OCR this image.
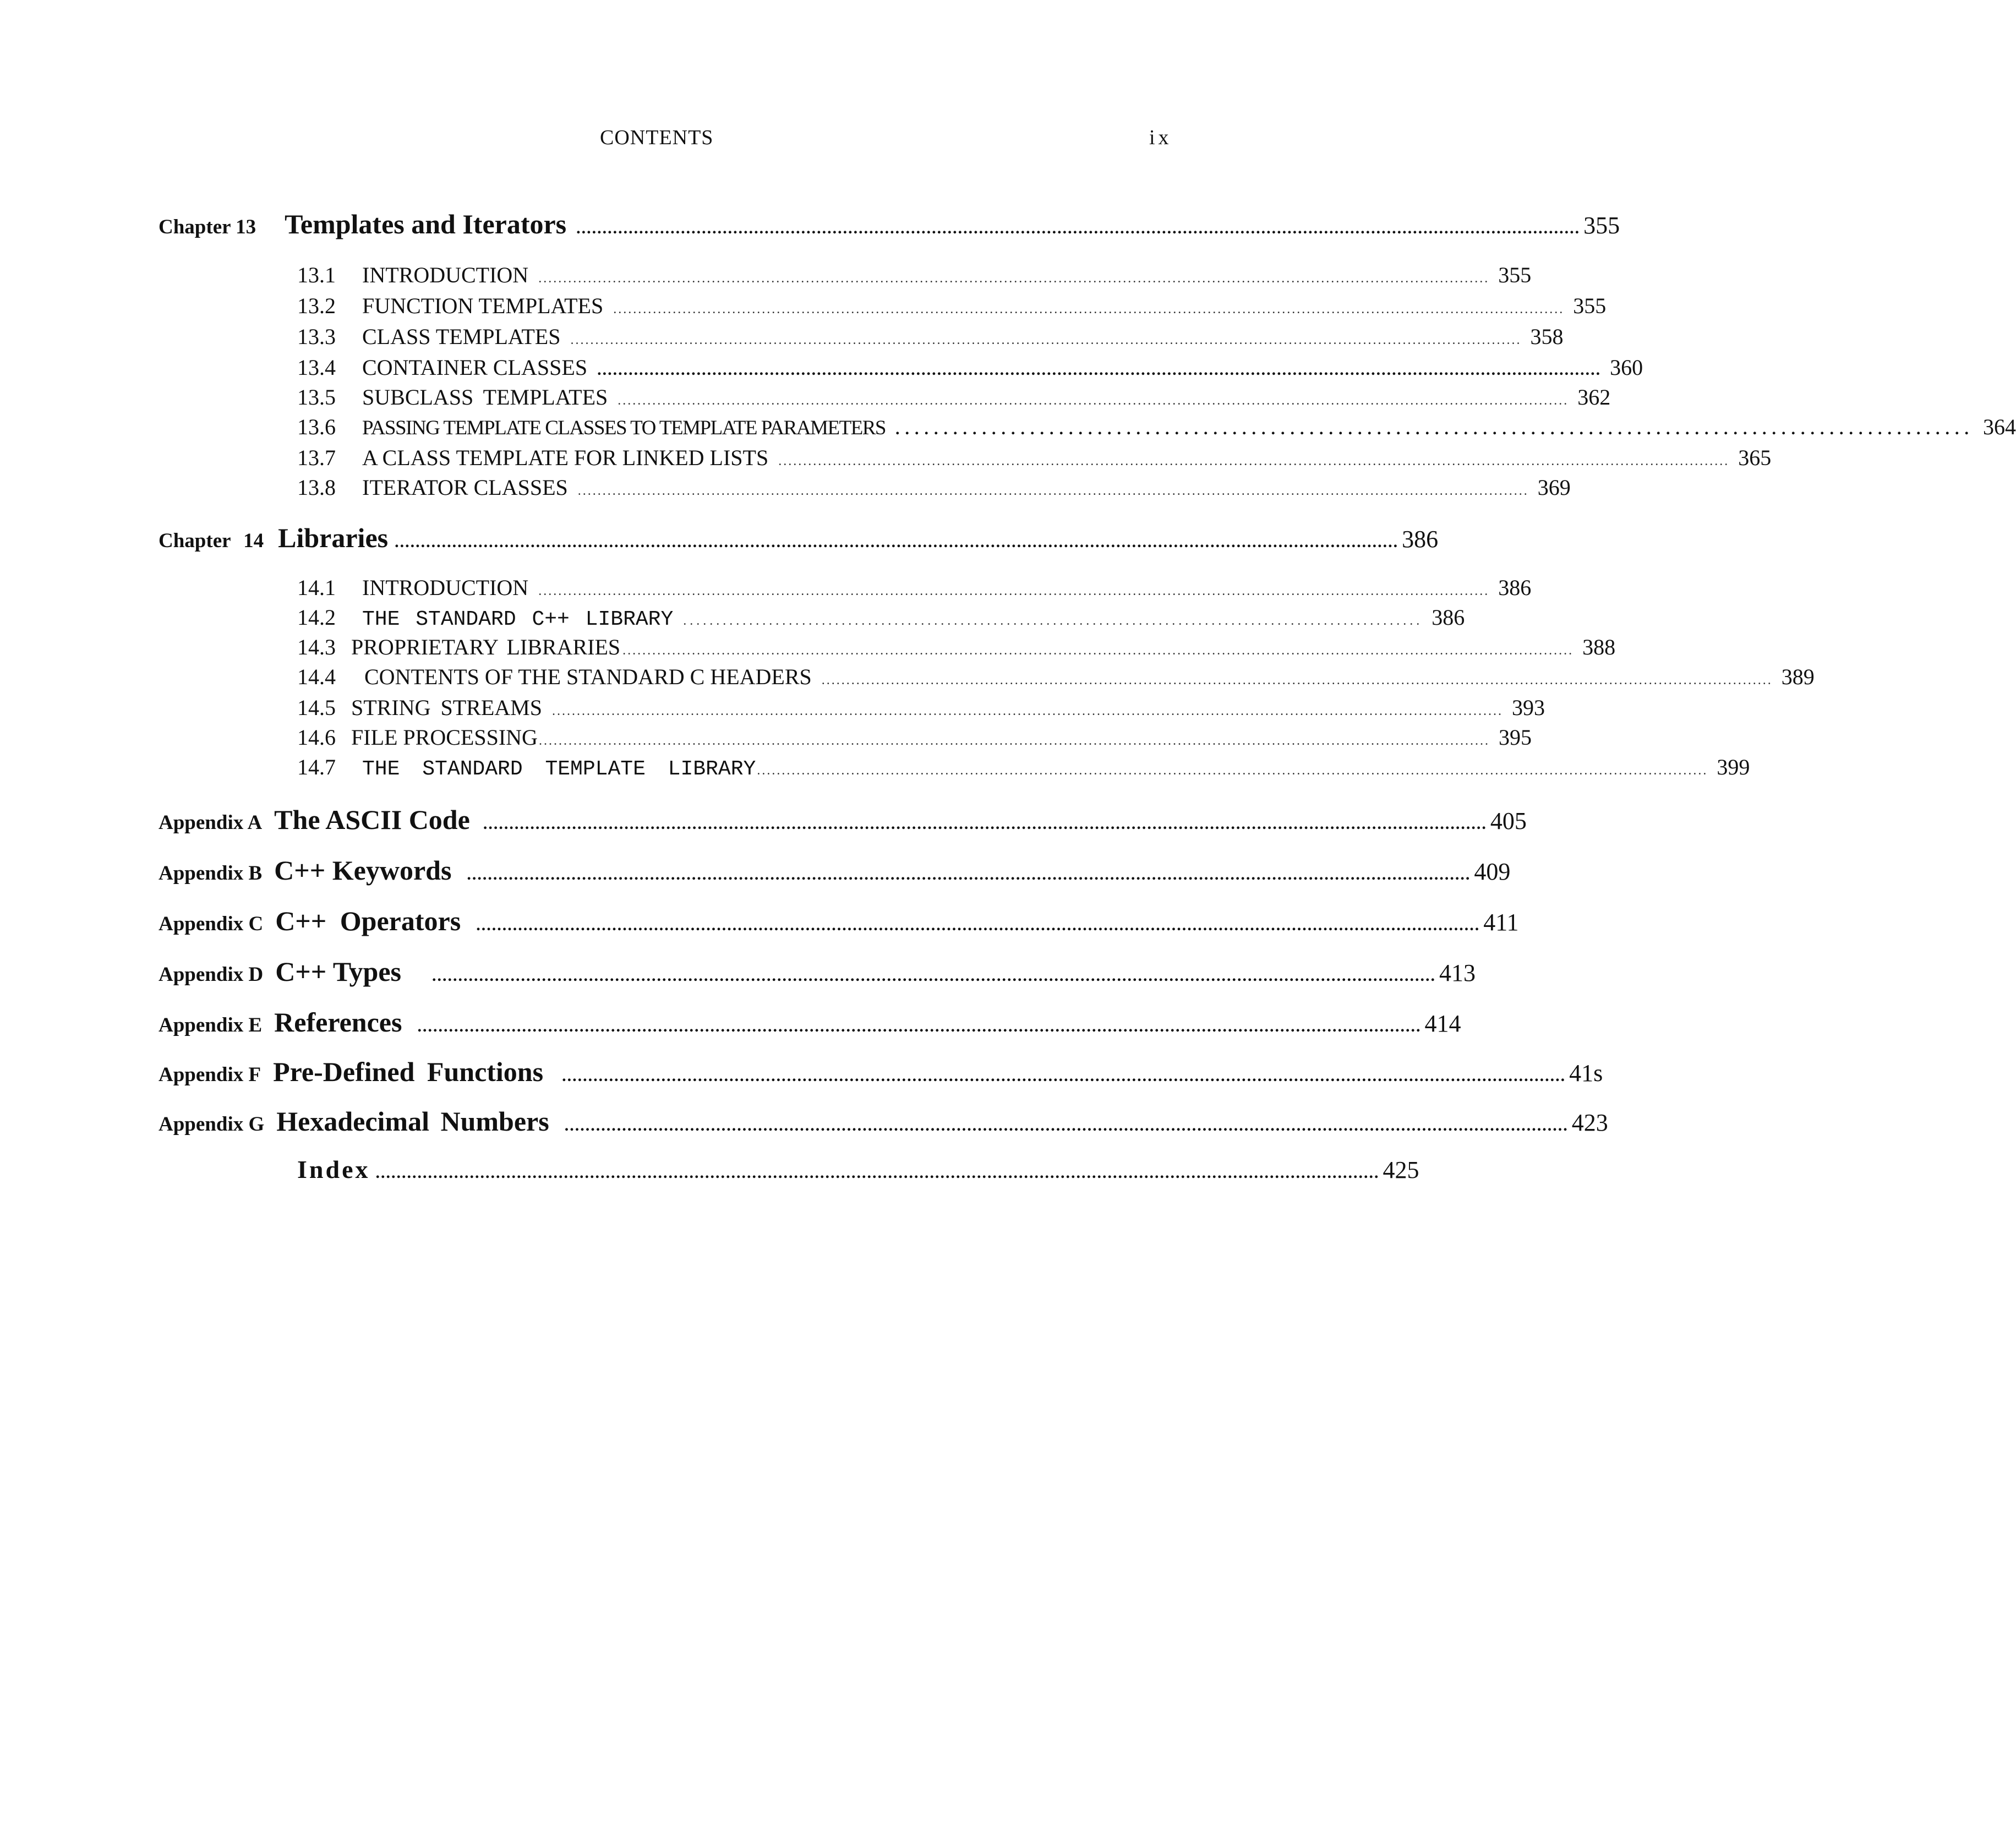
CONTENTS	ix
Chapter 13	Templates and Iterators ................................................................................................................................................................................................ 355
13.1	INTRODUCTION ................................................................................................................................................................................................ 355
13.2	FUNCTION TEMPLATES ................................................................................................................................................................................................ 355
13.3	CLASS TEMPLATES ................................................................................................................................................................................................ 358
13.4	CONTAINER CLASSES ................................................................................................................................................................................................ 360
13.5	SUBCLASS TEMPLATES ................................................................................................................................................................................................ 362
13.6	PASSING TEMPLATE CLASSES TO TEMPLATE PARAMETERS ................................................................................................................ 364
13.7	A CLASS TEMPLATE FOR LINKED LISTS ................................................................................................................................................................................................ 365
13.8	ITERATOR CLASSES ................................................................................................................................................................................................ 369
Chapter 14 Libraries ................................................................................................................................................................................................ 386
14.1	INTRODUCTION ................................................................................................................................................................................................ 386
14.2	THE STANDARD C++ LIBRARY ................................................................................................................ 386
14.3 PROPRIETARY LIBRARIES ................................................................................................................................................................................................ 388
14.4	CONTENTS OF THE STANDARD C HEADERS ................................................................................................................................................................................................ 389
14.5 STRING STREAMS ................................................................................................................................................................................................ 393
14.6 FILE PROCESSING ................................................................................................................................................................................................ 395
14.7	THE STANDARD TEMPLATE LIBRARY ................................................................................................................................................................................................ 399
Appendix A The ASCII Code ................................................................................................................................................................................................ 405
Appendix B C++ Keywords ................................................................................................................................................................................................ 409
Appendix C C++ Operators ................................................................................................................................................................................................ 411
Appendix D C++ Types ................................................................................................................................................................................................ 413
Appendix E References ................................................................................................................................................................................................ 414
Appendix F Pre-Defined Functions ................................................................................................................................................................................................ 41s
Appendix G Hexadecimal Numbers ................................................................................................................................................................................................ 423
Index ................................................................................................................................................................................................ 425
